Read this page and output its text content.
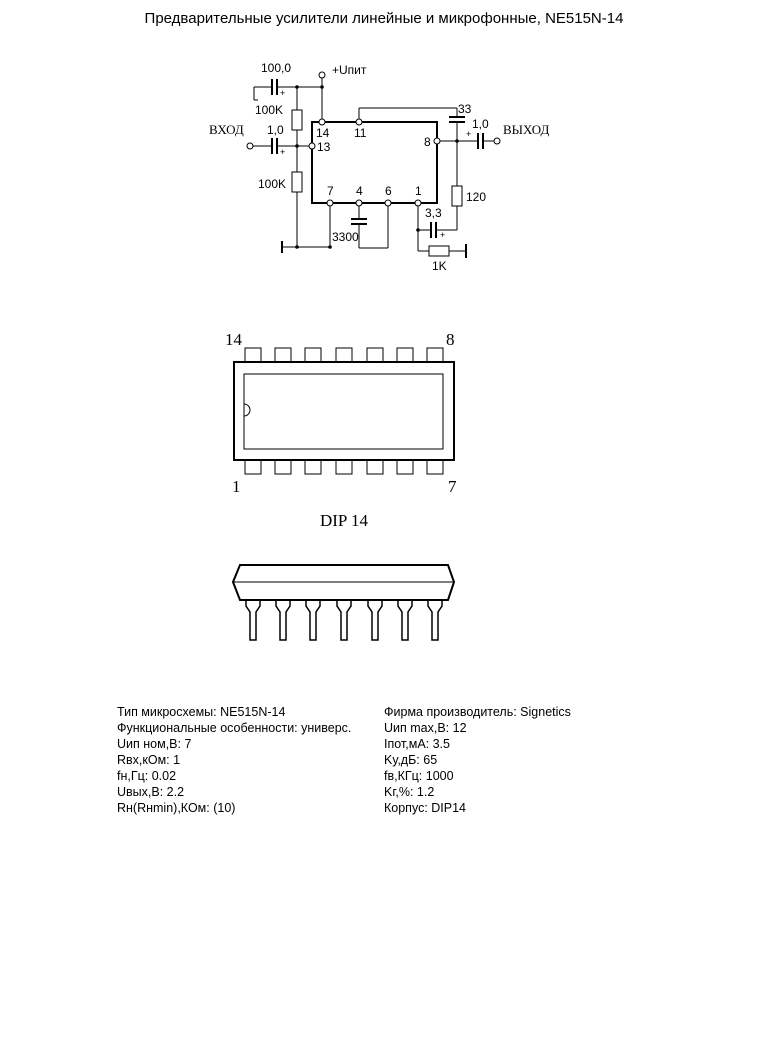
Предварительные усилители линейные и микрофонные, NE515N-14
100,0	+Uпит
100K
100K
ВХОД 1,0
33
1,0 ВЫХОД
120
3,3
3300
1K
14
13
11
8
7 4 6 1
+
+
+
+
14	8
1	7
DIP 14
Тип микросхемы: NE515N-14
Функциональные особенности: универс.
Uип ном,В: 7
Rвх,кОм: 1
fн,Гц: 0.02
Uвых,В: 2.2
Rн(Rнmin),КОм: (10)
Фирма производитель: Signetics
Uип max,В: 12
Iпот,мА: 3.5
Kу,дБ: 65
fв,КГц: 1000
Kг,%: 1.2
Корпус: DIP14
